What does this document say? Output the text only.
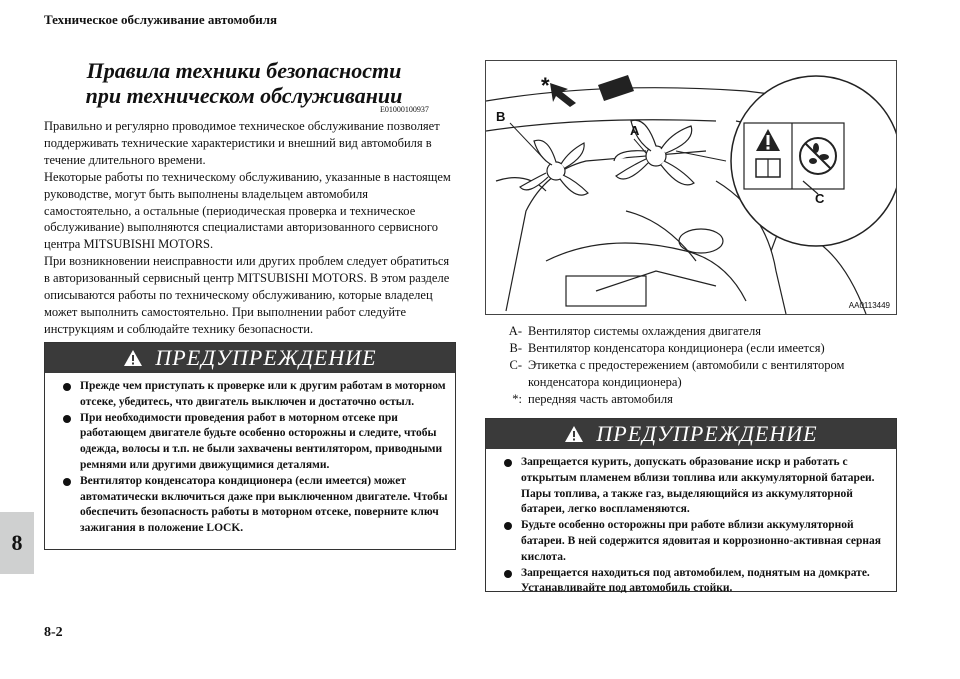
Техническое обслуживание автомобиля
8
8-2
Правила техники безопасности
при техническом обслуживании
E01000100937

Правильно и регулярно проводимое техническое обслуживание позволяет поддерживать технические характеристики и внешний вид автомобиля в течение длительного времени.

Некоторые работы по техническому обслуживанию, указанные в настоящем руководстве, могут быть выполнены владельцем автомобиля самостоятельно, а остальные (периодическая проверка и техническое обслуживание) выполняются специалистами авторизованного сервисного центра MITSUBISHI MOTORS.

При возникновении неисправности или других проблем следует обратиться в авторизованный сервисный центр MITSUBISHI MOTORS. В этом разделе описываются работы по техническому обслуживанию, которые владелец может выполнить самостоятельно. При выполнении работ следуйте инструкциям и соблюдайте технику безопасности.

ПРЕДУПРЕЖДЕНИЕ
Прежде чем приступать к проверке или к другим работам в моторном отсеке, убедитесь, что двигатель выключен и достаточно остыл.
При необходимости проведения работ в моторном отсеке при работающем двигателе будьте особенно осторожны и следите, чтобы одежда, волосы и т.п. не были захвачены вентилятором, приводными ремнями или другими движущимися деталями.
Вентилятор конденсатора кондиционера (если имеется) может автоматически включиться даже при выключенном двигателе. Чтобы обеспечить безопасность работы в моторном отсеке, поверните ключ зажигания в положение LOCK.
*
B
A
C
AA0113449
A- Вентилятор системы охлаждения двигателя
B- Вентилятор конденсатора кондиционера (если имеется)
C- Этикетка с предостережением (автомобили с вентилятором конденсатора кондиционера)
*: передняя часть автомобиля
ПРЕДУПРЕЖДЕНИЕ
Запрещается курить, допускать образование искр и работать с открытым пламенем вблизи топлива или аккумуляторной батареи. Пары топлива, а также газ, выделяющийся из аккумуляторной батареи, легко воспламеняются.
Будьте особенно осторожны при работе вблизи аккумуляторной батареи. В ней содержится ядовитая и коррозионно-активная серная кислота.
Запрещается находиться под автомобилем, поднятым на домкрате. Устанавливайте под автомобиль стойки.
